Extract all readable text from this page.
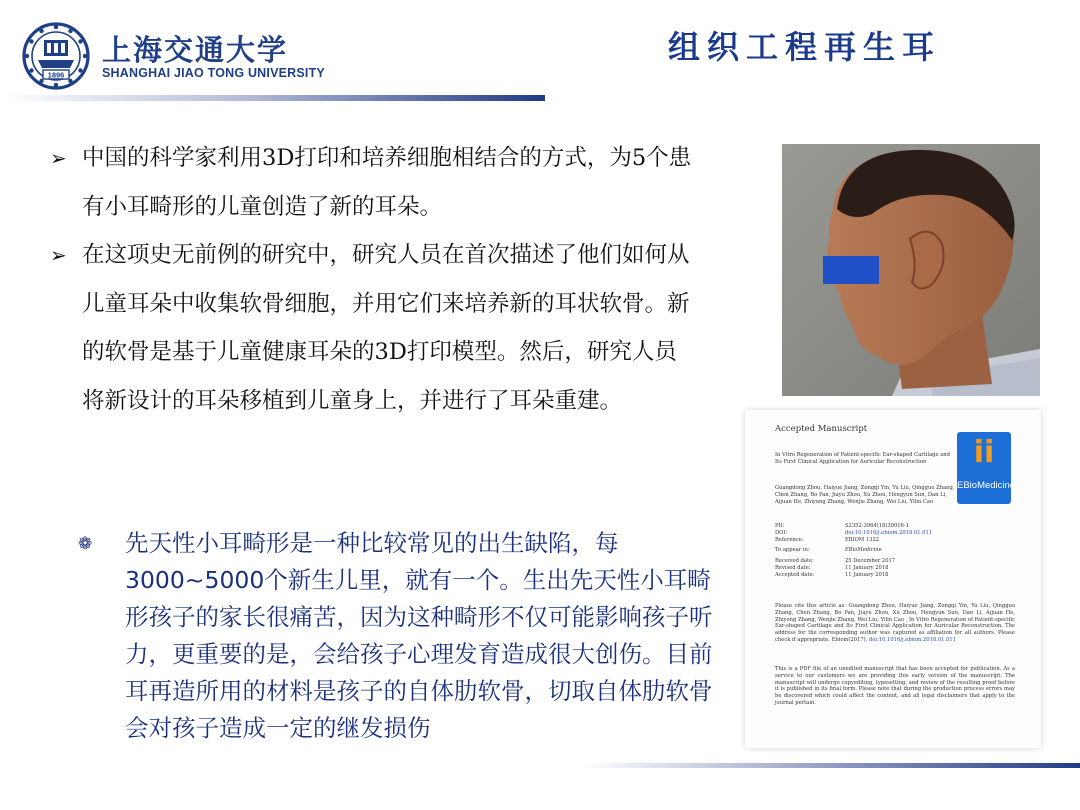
1896
上海交通大学
SHANGHAI JIAO TONG UNIVERSITY
组织工程再生耳
➢ 中国的科学家利用3D打印和培养细胞相结合的方式，为5个患有小耳畸形的儿童创造了新的耳朵。
➢ 在这项史无前例的研究中，研究人员在首次描述了他们如何从儿童耳朵中收集软骨细胞，并用它们来培养新的耳状软骨。新的软骨是基于儿童健康耳朵的3D打印模型。然后，研究人员将新设计的耳朵移植到儿童身上，并进行了耳朵重建。
❁ 先天性小耳畸形是一种比较常见的出生缺陷，每3000~5000个新生儿里，就有一个。生出先天性小耳畸形孩子的家长很痛苦，因为这种畸形不仅可能影响孩子听力，更重要的是，会给孩子心理发育造成很大创伤。目前耳再造所用的材料是孩子的自体肋软骨，切取自体肋软骨会对孩子造成一定的继发损伤
Accepted Manuscript
In Vitro Regeneration of Patient-specific Ear-shaped Cartilage and Its First Clinical Application for Auricular Reconstruction
Guangdong Zhou, Haiyue Jiang, Zongqi Yin, Yu Liu, Qingguo Zhang, Chen Zhang, Bo Pan, Jiayu Zhou, Xu Zhou, Hengyun Sun, Dan Li, Aijuan He, Zhiyong Zhang, Wenjie Zhang, Wei Liu, Yilin Cao
ii
EBioMedicine
PII:	S2352-3964(18)30016-1
DOI:	doi:10.1016/j.ebiom.2018.01.011
Reference:	EBIOM 1322
To appear in:	EBioMedicine
Received date:	25 December 2017
Revised date:	11 January 2018
Accepted date:	11 January 2018
Please cite this article as: Guangdong Zhou, Haiyue Jiang, Zongqi Yin, Yu Liu, Qingguo Zhang, Chen Zhang, Bo Pan, Jiayu Zhou, Xu Zhou, Hengyun Sun, Dan Li, Aijuan He, Zhiyong Zhang, Wenjie Zhang, Wei Liu, Yilin Cao , In Vitro Regeneration of Patient-specific Ear-shaped Cartilage and Its First Clinical Application for Auricular Reconstruction. The address for the corresponding author was captured as affiliation for all authors. Please check if appropriate. Ebiom(2017), doi:10.1016/j.ebiom.2018.01.011
This is a PDF file of an unedited manuscript that has been accepted for publication. As a service to our customers we are providing this early version of the manuscript. The manuscript will undergo copyediting, typesetting, and review of the resulting proof before it is published in its final form. Please note that during the production process errors may be discovered which could affect the content, and all legal disclaimers that apply to the journal pertain.
